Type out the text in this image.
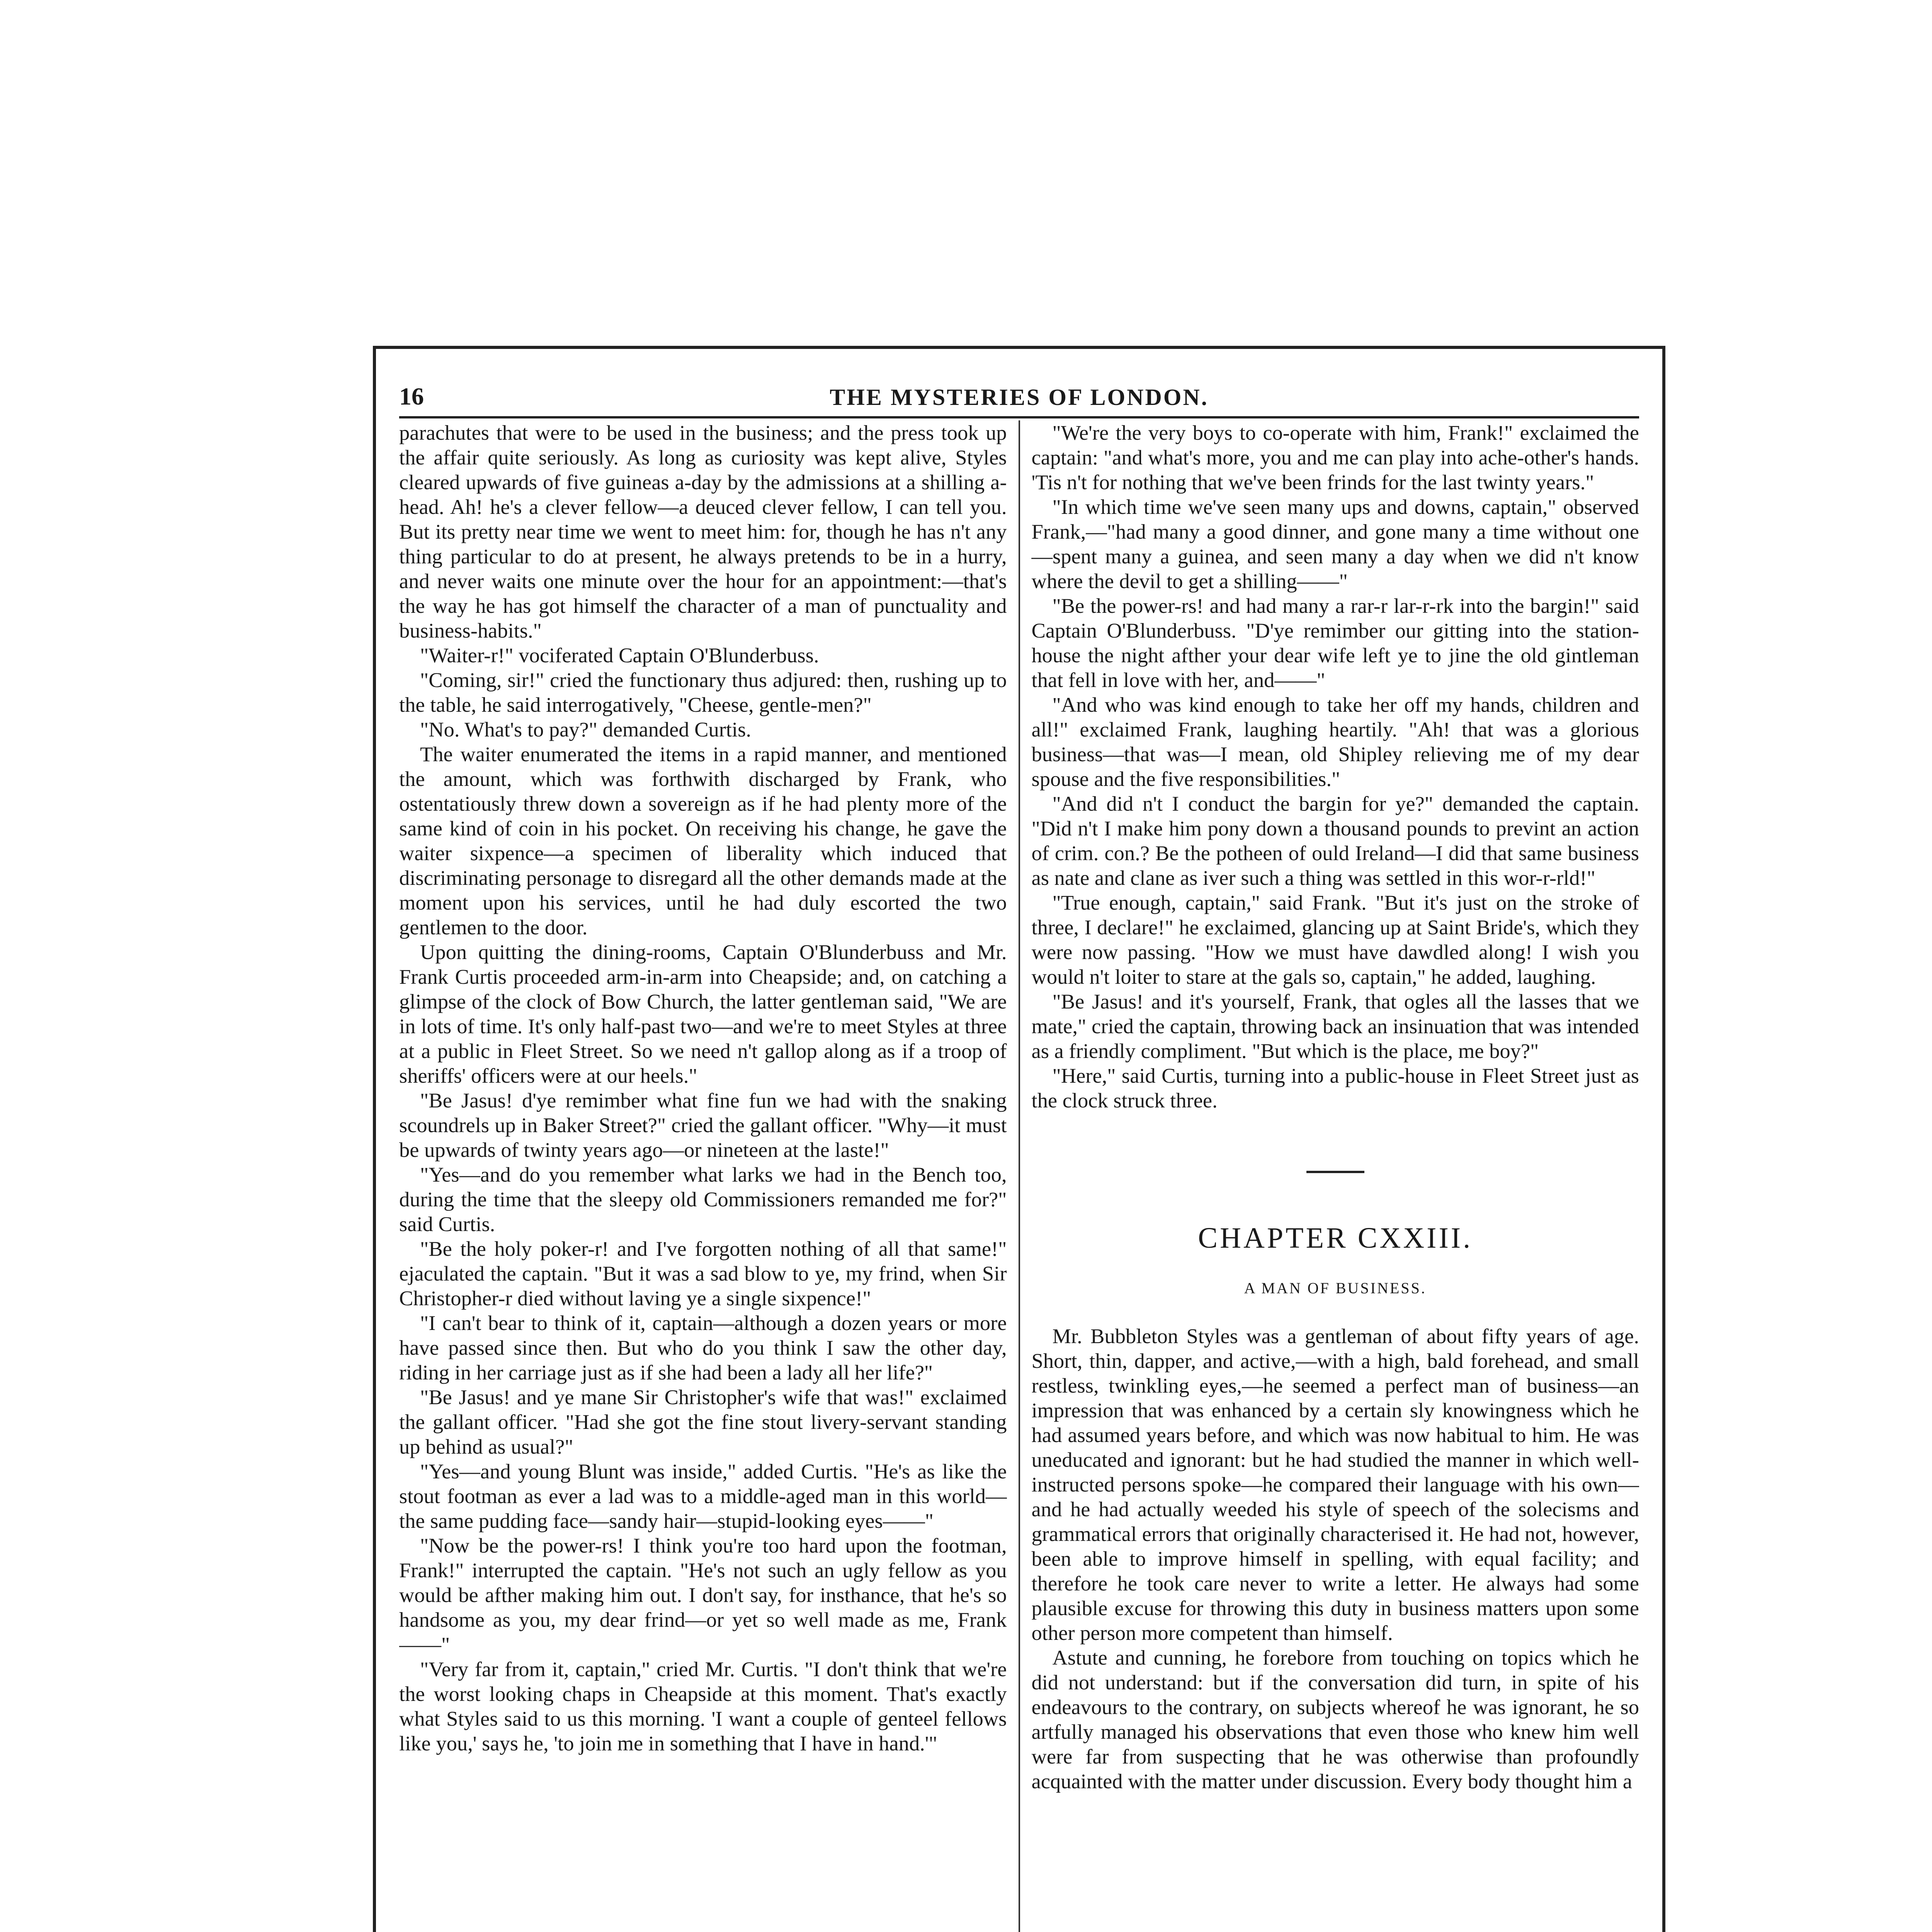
16	THE MYSTERIES OF LONDON.

parachutes that were to be used in the business; and the press took up the affair quite seriously. As long as curiosity was kept alive, Styles cleared upwards of five guineas a-day by the admissions at a shilling a-head. Ah! he's a clever fellow—a deuced clever fellow, I can tell you. But its pretty near time we went to meet him: for, though he has n't any thing particular to do at present, he always pretends to be in a hurry, and never waits one minute over the hour for an appointment:—that's the way he has got himself the character of a man of punctuality and business-habits."

"Waiter-r!" vociferated Captain O'Blunderbuss.

"Coming, sir!" cried the functionary thus adjured: then, rushing up to the table, he said interrogatively, "Cheese, gentle-men?"

"No. What's to pay?" demanded Curtis.

The waiter enumerated the items in a rapid manner, and mentioned the amount, which was forthwith discharged by Frank, who ostentatiously threw down a sovereign as if he had plenty more of the same kind of coin in his pocket. On receiving his change, he gave the waiter sixpence—a specimen of liberality which induced that discriminating personage to disregard all the other demands made at the moment upon his services, until he had duly escorted the two gentlemen to the door.

Upon quitting the dining-rooms, Captain O'Blunderbuss and Mr. Frank Curtis proceeded arm-in-arm into Cheapside; and, on catching a glimpse of the clock of Bow Church, the latter gentleman said, "We are in lots of time. It's only half-past two—and we're to meet Styles at three at a public in Fleet Street. So we need n't gallop along as if a troop of sheriffs' officers were at our heels."

"Be Jasus! d'ye remimber what fine fun we had with the snaking scoundrels up in Baker Street?" cried the gallant officer. "Why—it must be upwards of twinty years ago—or nineteen at the laste!"

"Yes—and do you remember what larks we had in the Bench too, during the time that the sleepy old Commissioners remanded me for?" said Curtis.

"Be the holy poker-r! and I've forgotten nothing of all that same!" ejaculated the captain. "But it was a sad blow to ye, my frind, when Sir Christopher-r died without laving ye a single sixpence!"

"I can't bear to think of it, captain—although a dozen years or more have passed since then. But who do you think I saw the other day, riding in her carriage just as if she had been a lady all her life?"

"Be Jasus! and ye mane Sir Christopher's wife that was!" exclaimed the gallant officer. "Had she got the fine stout livery-servant standing up behind as usual?"

"Yes—and young Blunt was inside," added Curtis. "He's as like the stout footman as ever a lad was to a middle-aged man in this world—the same pudding face—sandy hair—stupid-looking eyes——"

"Now be the power-rs! I think you're too hard upon the footman, Frank!" interrupted the captain. "He's not such an ugly fellow as you would be afther making him out. I don't say, for insthance, that he's so handsome as you, my dear frind—or yet so well made as me, Frank——"

"Very far from it, captain," cried Mr. Curtis. "I don't think that we're the worst looking chaps in Cheapside at this moment. That's exactly what Styles said to us this morning. 'I want a couple of genteel fellows like you,' says he, 'to join me in something that I have in hand.'"

"We're the very boys to co-operate with him, Frank!" exclaimed the captain: "and what's more, you and me can play into ache-other's hands. 'Tis n't for nothing that we've been frinds for the last twinty years."

"In which time we've seen many ups and downs, captain," observed Frank,—"had many a good dinner, and gone many a time without one—spent many a guinea, and seen many a day when we did n't know where the devil to get a shilling——"

"Be the power-rs! and had many a rar-r lar-r-rk into the bargin!" said Captain O'Blunderbuss. "D'ye remimber our gitting into the station-house the night afther your dear wife left ye to jine the old gintleman that fell in love with her, and——"

"And who was kind enough to take her off my hands, children and all!" exclaimed Frank, laughing heartily. "Ah! that was a glorious business—that was—I mean, old Shipley relieving me of my dear spouse and the five responsibilities."

"And did n't I conduct the bargin for ye?" demanded the captain. "Did n't I make him pony down a thousand pounds to prevint an action of crim. con.? Be the potheen of ould Ireland—I did that same business as nate and clane as iver such a thing was settled in this wor-r-rld!"

"True enough, captain," said Frank. "But it's just on the stroke of three, I declare!" he exclaimed, glancing up at Saint Bride's, which they were now passing. "How we must have dawdled along! I wish you would n't loiter to stare at the gals so, captain," he added, laughing.

"Be Jasus! and it's yourself, Frank, that ogles all the lasses that we mate," cried the captain, throwing back an insinuation that was intended as a friendly compliment. "But which is the place, me boy?"

"Here," said Curtis, turning into a public-house in Fleet Street just as the clock struck three.

CHAPTER CXXIII.
A MAN OF BUSINESS.

Mr. Bubbleton Styles was a gentleman of about fifty years of age. Short, thin, dapper, and active,—with a high, bald forehead, and small restless, twinkling eyes,—he seemed a perfect man of business—an impression that was enhanced by a certain sly knowingness which he had assumed years before, and which was now habitual to him. He was uneducated and ignorant: but he had studied the manner in which well-instructed persons spoke—he compared their language with his own—and he had actually weeded his style of speech of the solecisms and grammatical errors that originally characterised it. He had not, however, been able to improve himself in spelling, with equal facility; and therefore he took care never to write a letter. He always had some plausible excuse for throwing this duty in business matters upon some other person more competent than himself.

Astute and cunning, he forebore from touching on topics which he did not understand: but if the conversation did turn, in spite of his endeavours to the contrary, on subjects whereof he was ignorant, he so artfully managed his observations that even those who knew him well were far from suspecting that he was otherwise than profoundly acquainted with the matter under discussion. Every body thought him a
